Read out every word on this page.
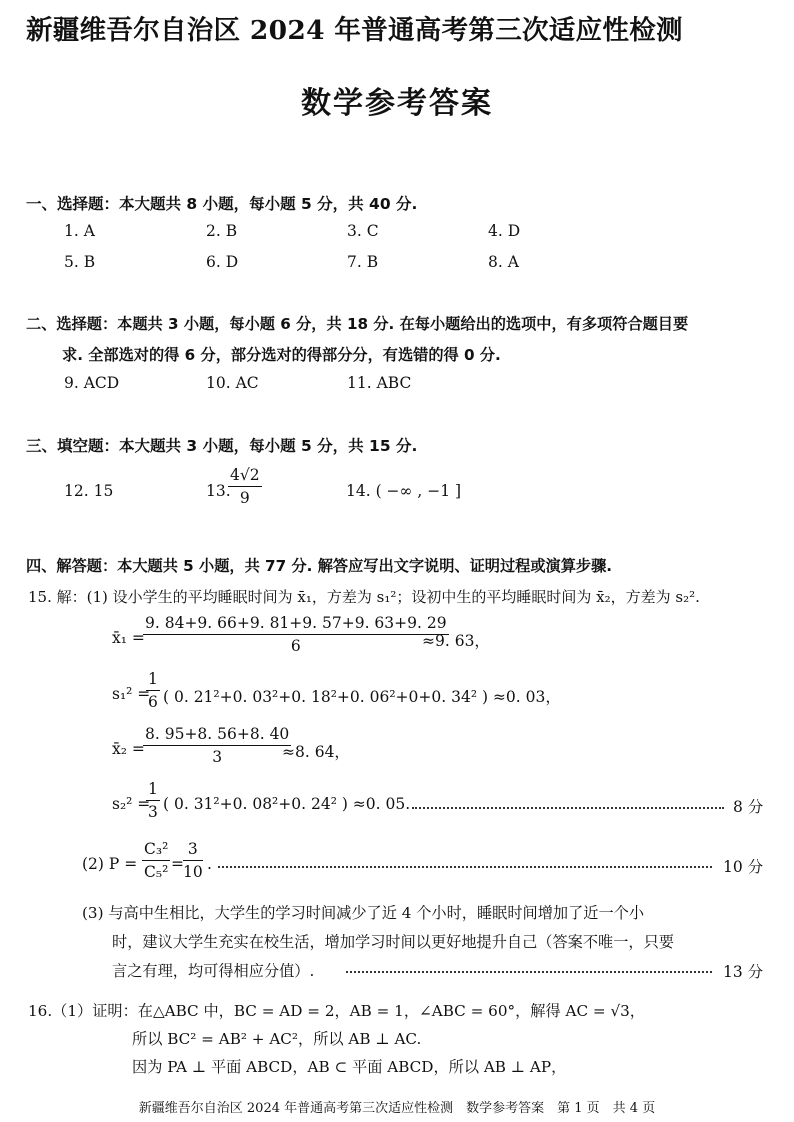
新疆维吾尔自治区 2024 年普通高考第三次适应性检测
数学参考答案
一、选择题：本大题共 8 小题，每小题 5 分，共 40 分.
1. A	2. B	3. C	4. D
5. B	6. D	7. B	8. A
二、选择题：本题共 3 小题，每小题 6 分，共 18 分. 在每小题给出的选项中，有多项符合题目要
求. 全部选对的得 6 分，部分选对的得部分分，有选错的得 0 分.
9. ACD	10. AC	11. ABC
三、填空题：本大题共 3 小题，每小题 5 分，共 15 分.
12. 15	13.
$\frac{4√2}{9}$	14. ( −∞ , −1 ]
四、解答题：本大题共 5 小题，共 77 分. 解答应写出文字说明、证明过程或演算步骤.
15. 解：(1) 设小学生的平均睡眠时间为 x̄₁，方差为 s₁²；设初中生的平均睡眠时间为 x̄₂，方差为 s₂².
x̄₁ =
$\frac{9. 84+9. 66+9. 81+9. 57+9. 63+9. 29}{6}$
≈9. 63，
s₁² =
$\frac{1}{6}$ ( 0. 21²+0. 03²+0. 18²+0. 06²+0+0. 34² ) ≈0. 03，
x̄₂ =
$\frac{8. 95+8. 56+8. 40}{3}$
≈8. 64，
s₂² =
$\frac{1}{3}$ ( 0. 31²+0. 08²+0. 24² ) ≈0. 05.	8 分
(2) $P = \frac{\text{C₃²}}{\text{C₅²}} = \frac{3}{10}$ .	10 分
(3) 与高中生相比，大学生的学习时间减少了近 4 个小时，睡眠时间增加了近一个小
时，建议大学生充实在校生活，增加学习时间以更好地提升自己（答案不唯一，只要
言之有理，均可得相应分值）.	13 分
16.（1）证明：在△ABC 中，BC = AD = 2，AB = 1，∠ABC = 60°，解得 AC = √3，
所以 BC² = AB² + AC²，所以 AB ⊥ AC.
因为 PA ⊥ 平面 ABCD，AB ⊂ 平面 ABCD，所以 AB ⊥ AP，
新疆维吾尔自治区 2024 年普通高考第三次适应性检测　数学参考答案　第 1 页　共 4 页
